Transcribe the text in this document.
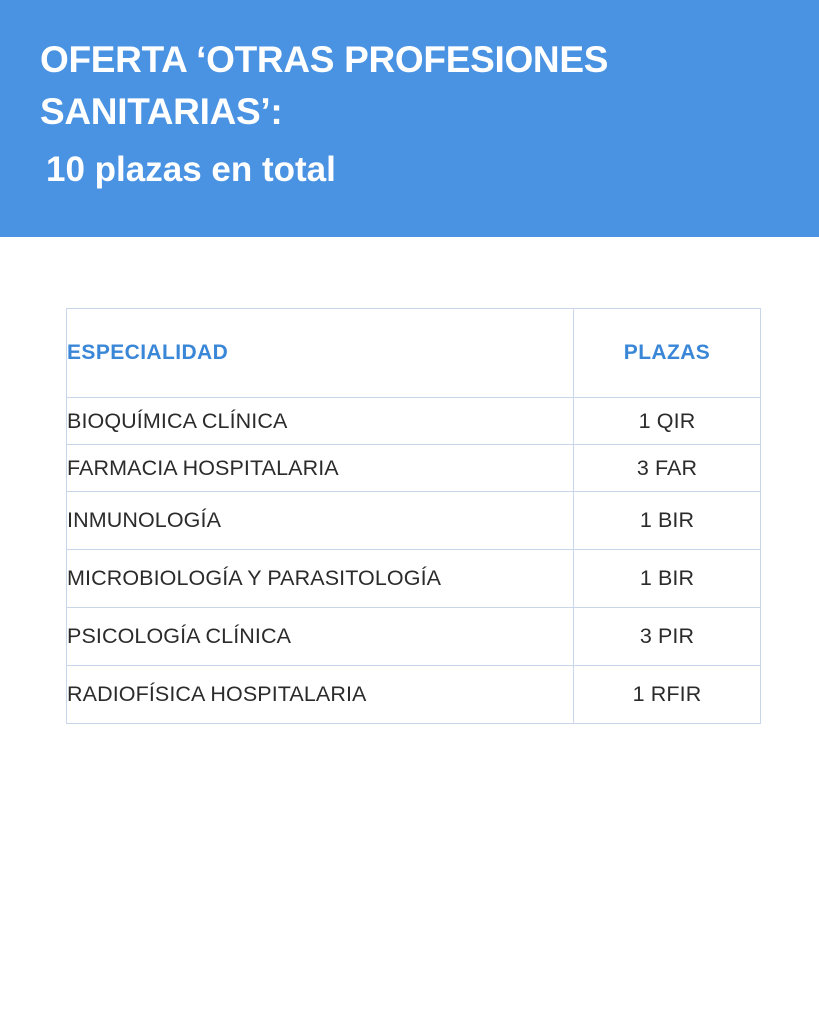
OFERTA ‘OTRAS PROFESIONES
SANITARIAS’:
10 plazas en total
ESPECIALIDAD	PLAZAS
BIOQUÍMICA CLÍNICA	1 QIR
FARMACIA HOSPITALARIA	3 FAR
INMUNOLOGÍA	1 BIR
MICROBIOLOGÍA Y PARASITOLOGÍA	1 BIR
PSICOLOGÍA CLÍNICA	3 PIR
RADIOFÍSICA HOSPITALARIA	1 RFIR
